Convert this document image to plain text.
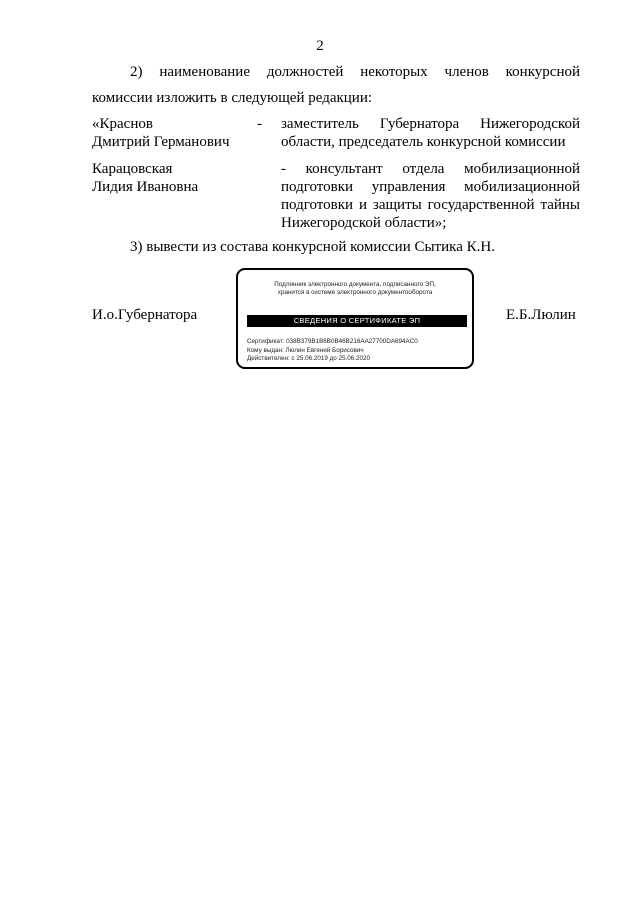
2
2) наименование должностей некоторых членов конкурсной
комиссии изложить в следующей редакции:
«Краснов
Дмитрий Германович
- заместитель Губернатора Нижегородской
области, председатель конкурсной комиссии
Карацовская
Лидия Ивановна
- консультант отдела мобилизационной
подготовки управления мобилизационной
подготовки и защиты государственной тайны
Нижегородской области»;
3) вывести из состава конкурсной комиссии Сытика К.Н.
И.о.Губернатора	Е.Б.Люлин
Подлинник электронного документа, подписанного ЭП,
хранится в системе электронного документооборота
СВЕДЕНИЯ О СЕРТИФИКАТЕ ЭП
Сертификат: 038B379B1B6B0B46B216AA27700DA694AC0
Кому выдан: Люлин Евгений Борисович
Действителен: с 25.06.2019 до 25.06.2020
